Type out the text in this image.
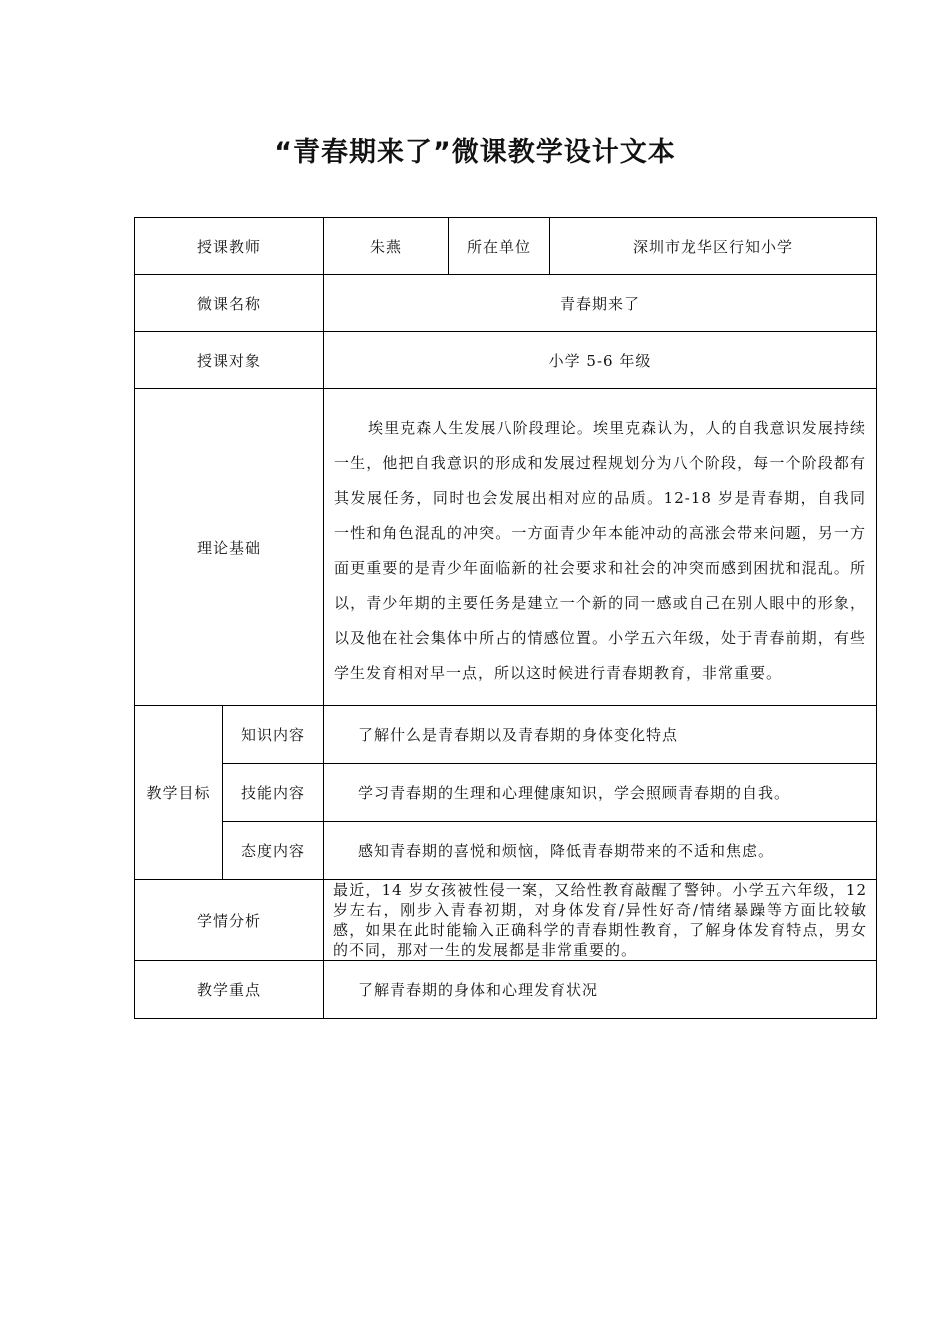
“青春期来了”微课教学设计文本
授课教师		朱燕	所在单位	深圳市龙华区行知小学
微课名称		青春期来了		
授课对象		小学 5-6 年级		
理论基础		埃里克森人生发展八阶段理论。埃里克森认为，人的自我意识发展持续一生，他把自我意识的形成和发展过程规划分为八个阶段，每一个阶段都有其发展任务，同时也会发展出相对应的品质。12-18 岁是青春期，自我同一性和角色混乱的冲突。一方面青少年本能冲动的高涨会带来问题，另一方面更重要的是青少年面临新的社会要求和社会的冲突而感到困扰和混乱。所以，青少年期的主要任务是建立一个新的同一感或自己在别人眼中的形象，以及他在社会集体中所占的情感位置。小学五六年级，处于青春前期，有些学生发育相对早一点，所以这时候进行青春期教育，非常重要。		
教学目标	知识内容	了解什么是青春期以及青春期的身体变化特点		
	技能内容	学习青春期的生理和心理健康知识，学会照顾青春期的自我。		
	态度内容	感知青春期的喜悦和烦恼，降低青春期带来的不适和焦虑。		
学情分析		最近，14 岁女孩被性侵一案，又给性教育敲醒了警钟。小学五六年级，12 岁左右，刚步入青春初期，对身体发育/异性好奇/情绪暴躁等方面比较敏感，如果在此时能输入正确科学的青春期性教育，了解身体发育特点，男女的不同，那对一生的发展都是非常重要的。		
教学重点		了解青春期的身体和心理发育状况		
